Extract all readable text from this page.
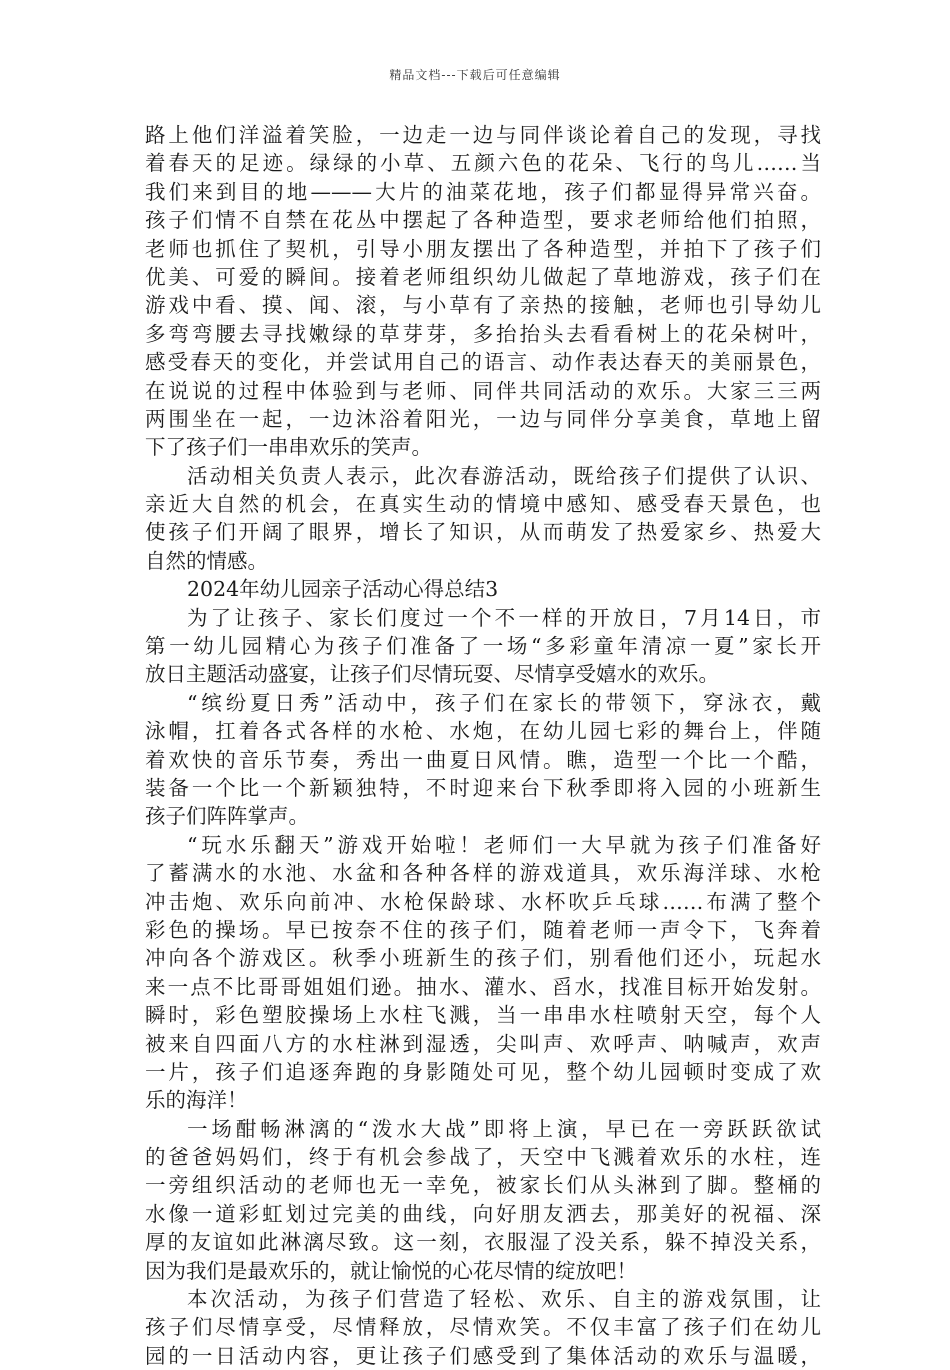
精品文档---下载后可任意编辑
路上他们洋溢着笑脸，一边走一边与同伴谈论着自己的发现，寻找
着春天的足迹。绿绿的小草、五颜六色的花朵、飞行的鸟儿……当
我们来到目的地———大片的油菜花地，孩子们都显得异常兴奋。
孩子们情不自禁在花丛中摆起了各种造型，要求老师给他们拍照，
老师也抓住了契机，引导小朋友摆出了各种造型，并拍下了孩子们
优美、可爱的瞬间。接着老师组织幼儿做起了草地游戏，孩子们在
游戏中看、摸、闻、滚，与小草有了亲热的接触，老师也引导幼儿
多弯弯腰去寻找嫩绿的草芽芽，多抬抬头去看看树上的花朵树叶，
感受春天的变化，并尝试用自己的语言、动作表达春天的美丽景色，
在说说的过程中体验到与老师、同伴共同活动的欢乐。大家三三两
两围坐在一起，一边沐浴着阳光，一边与同伴分享美食，草地上留
下了孩子们一串串欢乐的笑声。
活动相关负责人表示，此次春游活动，既给孩子们提供了认识、
亲近大自然的机会，在真实生动的情境中感知、感受春天景色，也
使孩子们开阔了眼界，增长了知识，从而萌发了热爱家乡、热爱大
自然的情感。
2024年幼儿园亲子活动心得总结3
为了让孩子、家长们度过一个不一样的开放日，7月14日，市
第一幼儿园精心为孩子们准备了一场“多彩童年清凉一夏”家长开
放日主题活动盛宴，让孩子们尽情玩耍、尽情享受嬉水的欢乐。
“缤纷夏日秀”活动中，孩子们在家长的带领下，穿泳衣，戴
泳帽，扛着各式各样的水枪、水炮，在幼儿园七彩的舞台上，伴随
着欢快的音乐节奏，秀出一曲夏日风情。瞧，造型一个比一个酷，
装备一个比一个新颖独特，不时迎来台下秋季即将入园的小班新生
孩子们阵阵掌声。
“玩水乐翻天”游戏开始啦！老师们一大早就为孩子们准备好
了蓄满水的水池、水盆和各种各样的游戏道具，欢乐海洋球、水枪
冲击炮、欢乐向前冲、水枪保龄球、水杯吹乒乓球……布满了整个
彩色的操场。早已按奈不住的孩子们，随着老师一声令下，飞奔着
冲向各个游戏区。秋季小班新生的孩子们，别看他们还小，玩起水
来一点不比哥哥姐姐们逊。抽水、灌水、舀水，找准目标开始发射。
瞬时，彩色塑胶操场上水柱飞溅，当一串串水柱喷射天空，每个人
被来自四面八方的水柱淋到湿透，尖叫声、欢呼声、呐喊声，欢声
一片，孩子们追逐奔跑的身影随处可见，整个幼儿园顿时变成了欢
乐的海洋！
一场酣畅淋漓的“泼水大战”即将上演，早已在一旁跃跃欲试
的爸爸妈妈们，终于有机会参战了，天空中飞溅着欢乐的水柱，连
一旁组织活动的老师也无一幸免，被家长们从头淋到了脚。整桶的
水像一道彩虹划过完美的曲线，向好朋友洒去，那美好的祝福、深
厚的友谊如此淋漓尽致。这一刻，衣服湿了没关系，躲不掉没关系，
因为我们是最欢乐的，就让愉悦的心花尽情的绽放吧！
本次活动，为孩子们营造了轻松、欢乐、自主的游戏氛围，让
孩子们尽情享受，尽情释放，尽情欢笑。不仅丰富了孩子们在幼儿
园的一日活动内容，更让孩子们感受到了集体活动的欢乐与温暖，
